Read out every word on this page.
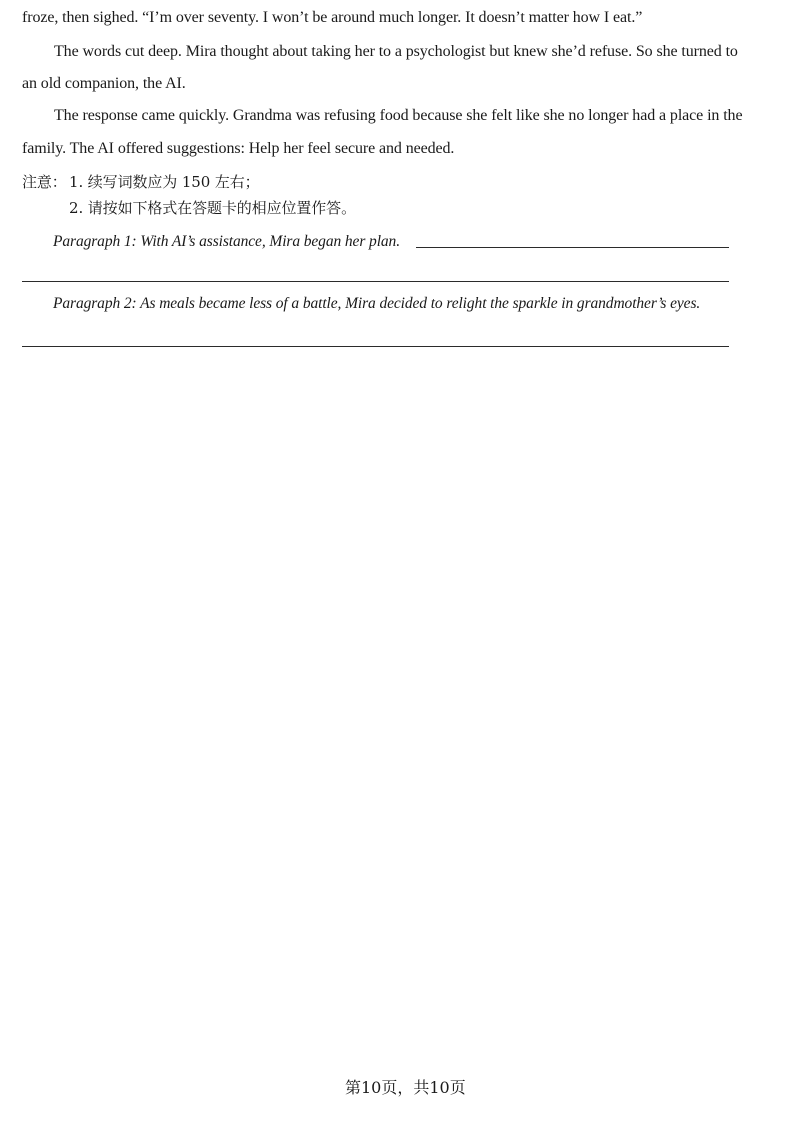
froze, then sighed. “I’m over seventy. I won’t be around much longer. It doesn’t matter how I eat.”
The words cut deep. Mira thought about taking her to a psychologist but knew she’d refuse. So she turned to
an old companion, the AI.
The response came quickly. Grandma was refusing food because she felt like she no longer had a place in the
family. The AI offered suggestions: Help her feel secure and needed.
注意： 1. 续写词数应为 150 左右；
2. 请按如下格式在答题卡的相应位置作答。
Paragraph 1: With AI’s assistance, Mira began her plan.
Paragraph 2: As meals became less of a battle, Mira decided to relight the sparkle in grandmother’s eyes.
第10页，共10页
